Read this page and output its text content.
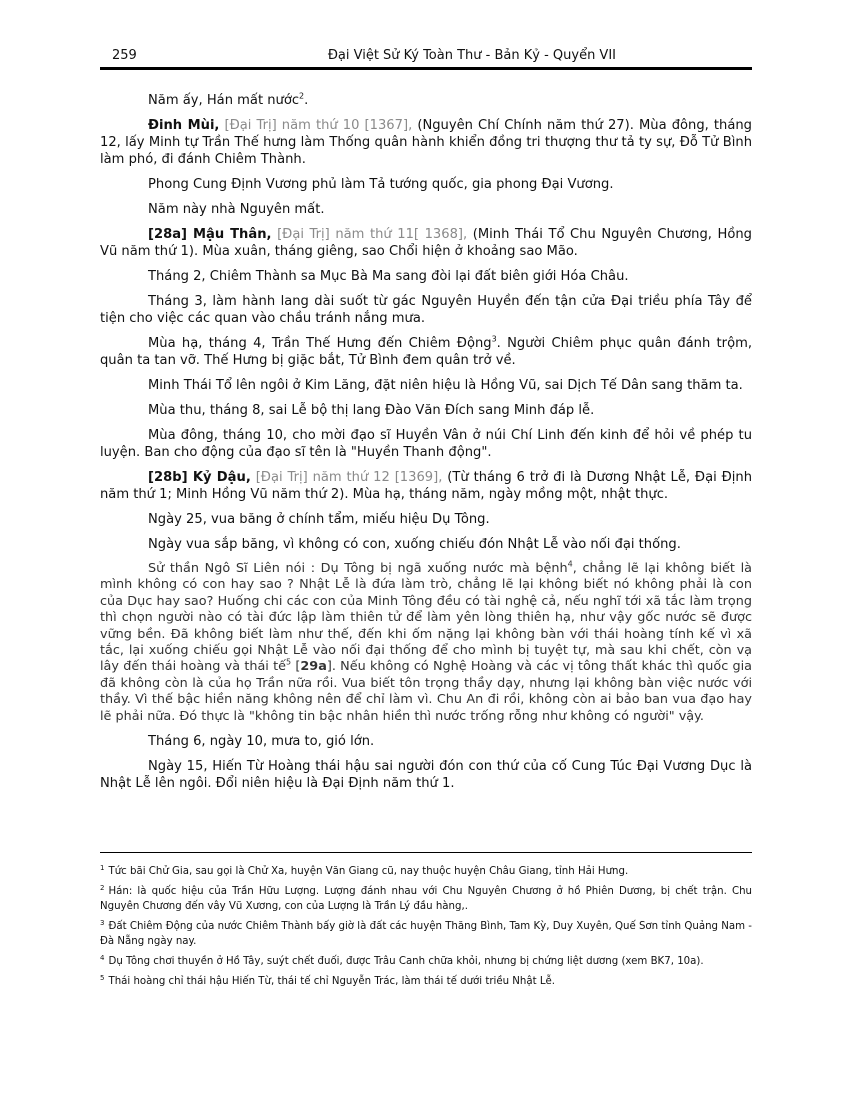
259	Đại Việt Sử Ký Toàn Thư - Bản Kỷ - Quyển VII

Năm ấy, Hán mất nước$^2$.

Đinh Mùi, [Đại Trị] năm thứ 10 [1367], (Nguyên Chí Chính năm thứ 27). Mùa đông, tháng 12, lấy Minh tự Trần Thế hưng làm Thống quân hành khiển đồng tri thượng thư tả ty sự, Đỗ Tử Bình làm phó, đi đánh Chiêm Thành.

Phong Cung Định Vương phủ làm Tả tướng quốc, gia phong Đại Vương.

Năm này nhà Nguyên mất.

[28a] Mậu Thân, [Đại Trị] năm thứ 11[ 1368], (Minh Thái Tổ Chu Nguyên Chương, Hồng Vũ năm thứ 1). Mùa xuân, tháng giêng, sao Chổi hiện ở khoảng sao Mão.

Tháng 2, Chiêm Thành sa Mục Bà Ma sang đòi lại đất biên giới Hóa Châu.

Tháng 3, làm hành lang dài suốt từ gác Nguyên Huyền đến tận cửa Đại triều phía Tây để tiện cho việc các quan vào chầu tránh nắng mưa.

Mùa hạ, tháng 4, Trần Thế Hưng đến Chiêm Động$^3$. Người Chiêm phục quân đánh trộm, quân ta tan vỡ. Thế Hưng bị giặc bắt, Tử Bình đem quân trở về.

Minh Thái Tổ lên ngôi ở Kim Lăng, đặt niên hiệu là Hồng Vũ, sai Dịch Tế Dân sang thăm ta.

Mùa thu, tháng 8, sai Lễ bộ thị lang Đào Văn Đích sang Minh đáp lễ.

Mùa đông, tháng 10, cho mời đạo sĩ Huyền Vân ở núi Chí Linh đến kinh để hỏi về phép tu luyện. Ban cho động của đạo sĩ tên là "Huyền Thanh động".

[28b] Kỷ Dậu, [Đại Trị] năm thứ 12 [1369], (Từ tháng 6 trở đi là Dương Nhật Lễ, Đại Định năm thứ 1; Minh Hồng Vũ năm thứ 2). Mùa hạ, tháng năm, ngày mồng một, nhật thực.

Ngày 25, vua băng ở chính tẩm, miếu hiệu Dụ Tông.

Ngày vua sắp băng, vì không có con, xuống chiếu đón Nhật Lễ vào nối đại thống.

Sử thần Ngô Sĩ Liên nói : Dụ Tông bị ngã xuống nước mà bệnh$^4$, chẳng lẽ lại không biết là mình không có con hay sao ? Nhật Lễ là đứa làm trò, chẳng lẽ lại không biết nó không phải là con của Dục hay sao? Huống chi các con của Minh Tông đều có tài nghệ cả, nếu nghĩ tới xã tắc làm trọng thì chọn người nào có tài đức lập làm thiên tử để làm yên lòng thiên hạ, như vậy gốc nước sẽ được vững bền. Đã không biết làm như thế, đến khi ốm nặng lại không bàn với thái hoàng tính kế vì xã tắc, lại xuống chiếu gọi Nhật Lễ vào nối đại thống để cho mình bị tuyệt tự, mà sau khi chết, còn vạ lây đến thái hoàng và thái tế$^5$ [29a]. Nếu không có Nghệ Hoàng và các vị tông thất khác thì quốc gia đã không còn là của họ Trần nữa rồi. Vua biết tôn trọng thầy dạy, nhưng lại không bàn việc nước với thầy. Vì thế bậc hiền năng không nên để chỉ làm vì. Chu An đi rồi, không còn ai bảo ban vua đạo hay lẽ phải nữa. Đó thực là "không tin bậc nhân hiền thì nước trống rỗng như không có người" vậy.

Tháng 6, ngày 10, mưa to, gió lớn.

Ngày 15, Hiến Từ Hoàng thái hậu sai người đón con thứ của cố Cung Túc Đại Vương Dục là Nhật Lễ lên ngôi. Đổi niên hiệu là Đại Định năm thứ 1.

$^1$ Tức bãi Chử Gia, sau gọi là Chử Xa, huyện Văn Giang cũ, nay thuộc huyện Châu Giang, tỉnh Hải Hưng.
$^2$ Hán: là quốc hiệu của Trần Hữu Lượng. Lượng đánh nhau với Chu Nguyên Chương ở hồ Phiên Dương, bị chết trận. Chu Nguyên Chương đến vây Vũ Xương, con của Lượng là Trần Lý đầu hàng,.
$^3$ Đất Chiêm Động của nước Chiêm Thành bấy giờ là đất các huyện Thăng Bình, Tam Kỳ, Duy Xuyên, Quế Sơn tỉnh Quảng Nam - Đà Nẵng ngày nay.
$^4$ Dụ Tông chơi thuyền ở Hồ Tây, suýt chết đuối, được Trâu Canh chữa khỏi, nhưng bị chứng liệt dương (xem BK7, 10a).
$^5$ Thái hoàng chỉ thái hậu Hiến Từ, thái tế chỉ Nguyễn Trác, làm thái tế dưới triều Nhật Lễ.
